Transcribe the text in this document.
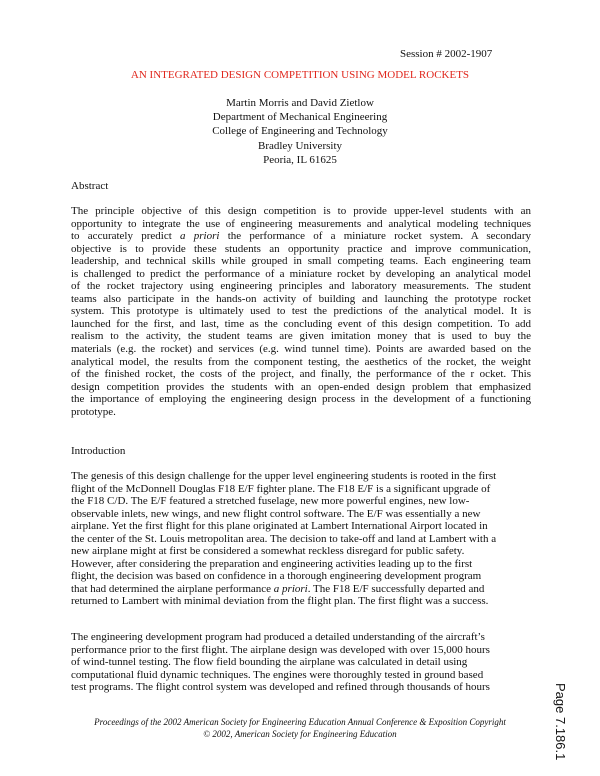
Session # 2002-1907
AN INTEGRATED DESIGN COMPETITION USING MODEL ROCKETS
Martin Morris and David Zietlow
Department of Mechanical Engineering
College of Engineering and Technology
Bradley University
Peoria, IL 61625
Abstract
The principle objective of this design competition is to provide upper-level students with an
opportunity to integrate the use of engineering measurements and analytical modeling techniques
to accurately predict a priori the performance of a miniature rocket system. A secondary
objective is to provide these students an opportunity practice and improve communication,
leadership, and technical skills while grouped in small competing teams. Each engineering team
is challenged to predict the performance of a miniature rocket by developing an analytical model
of the rocket trajectory using engineering principles and laboratory measurements. The student
teams also participate in the hands-on activity of building and launching the prototype rocket
system. This prototype is ultimately used to test the predictions of the analytical model. It is
launched for the first, and last, time as the concluding event of this design competition. To add
realism to the activity, the student teams are given imitation money that is used to buy the
materials (e.g. the rocket) and services (e.g. wind tunnel time). Points are awarded based on the
analytical model, the results from the component testing, the aesthetics of the rocket, the weight
of the finished rocket, the costs of the project, and finally, the performance of the r ocket. This
design competition provides the students with an open-ended design problem that emphasized
the importance of employing the engineering design process in the development of a functioning
prototype.
Introduction
The genesis of this design challenge for the upper level engineering students is rooted in the first
flight of the McDonnell Douglas F18 E/F fighter plane. The F18 E/F is a significant upgrade of
the F18 C/D. The E/F featured a stretched fuselage, new more powerful engines, new low-
observable inlets, new wings, and new flight control software. The E/F was essentially a new
airplane. Yet the first flight for this plane originated at Lambert International Airport located in
the center of the St. Louis metropolitan area. The decision to take-off and land at Lambert with a
new airplane might at first be considered a somewhat reckless disregard for public safety.
However, after considering the preparation and engineering activities leading up to the first
flight, the decision was based on confidence in a thorough engineering development program
that had determined the airplane performance a priori. The F18 E/F successfully departed and
returned to Lambert with minimal deviation from the flight plan. The first flight was a success.
The engineering development program had produced a detailed understanding of the aircraft’s
performance prior to the first flight. The airplane design was developed with over 15,000 hours
of wind-tunnel testing. The flow field bounding the airplane was calculated in detail using
computational fluid dynamic techniques. The engines were thoroughly tested in ground based
test programs. The flight control system was developed and refined through thousands of hours
Proceedings of the 2002 American Society for Engineering Education Annual Conference & Exposition Copyright
© 2002, American Society for Engineering Education	Page 7.186.1
